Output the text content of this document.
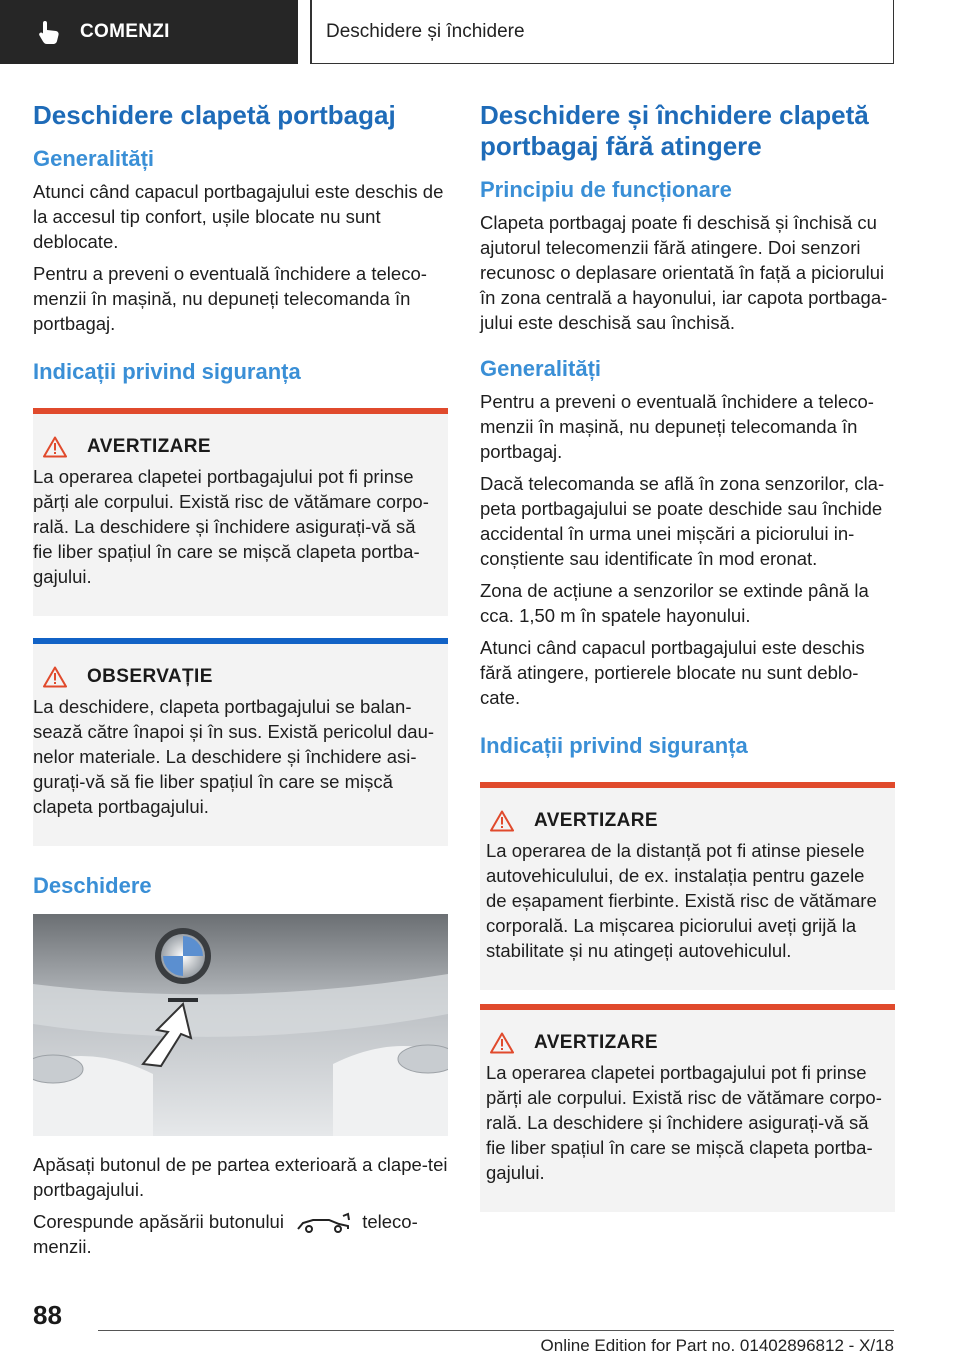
COMENZI	Deschidere și închidere
Deschidere clapetă portbagaj
Generalități

Atunci când capacul portbagajului este deschis de la accesul tip confort, ușile blocate nu sunt deblocate.

Pentru a preveni o eventuală închidere a teleco-menzii în mașină, nu depuneți telecomanda în portbagaj.

Indicații privind siguranța
AVERTIZARE

La operarea clapetei portbagajului pot fi prinse părți ale corpului. Există risc de vătămare corpo-rală. La deschidere și închidere asigurați-vă să fie liber spațiul în care se mișcă clapeta portba-gajului.

OBSERVAȚIE

La deschidere, clapeta portbagajului se balan-sează către înapoi și în sus. Există pericolul dau-nelor materiale. La deschidere și închidere asi-gurați-vă să fie liber spațiul în care se mișcă clapeta portbagajului.

Deschidere

Apăsați butonul de pe partea exterioară a clape-tei portbagajului.

Corespunde apăsării butonului	teleco-menzii.

Deschidere și închidere clapetă portbagaj fără atingere
Principiu de funcționare

Clapeta portbagaj poate fi deschisă și închisă cu ajutorul telecomenzii fără atingere. Doi senzori recunosc o deplasare orientată în față a piciorului în zona centrală a hayonului, iar capota portbaga-jului este deschisă sau închisă.

Generalități

Pentru a preveni o eventuală închidere a teleco-menzii în mașină, nu depuneți telecomanda în portbagaj.

Dacă telecomanda se află în zona senzorilor, cla-peta portbagajului se poate deschide sau închide accidental în urma unei mișcări a piciorului in-conștiente sau identificate în mod eronat.

Zona de acțiune a senzorilor se extinde până la cca. 1,50 m în spatele hayonului.

Atunci când capacul portbagajului este deschis fără atingere, portierele blocate nu sunt deblo-cate.

Indicații privind siguranța
AVERTIZARE

La operarea de la distanță pot fi atinse piesele autovehiculului, de ex. instalația pentru gazele de eșapament fierbinte. Există risc de vătămare corporală. La mișcarea piciorului aveți grijă la stabilitate și nu atingeți autovehiculul.

AVERTIZARE

La operarea clapetei portbagajului pot fi prinse părți ale corpului. Există risc de vătămare corpo-rală. La deschidere și închidere asigurați-vă să fie liber spațiul în care se mișcă clapeta portba-gajului.

88
Online Edition for Part no. 01402896812 - X/18
